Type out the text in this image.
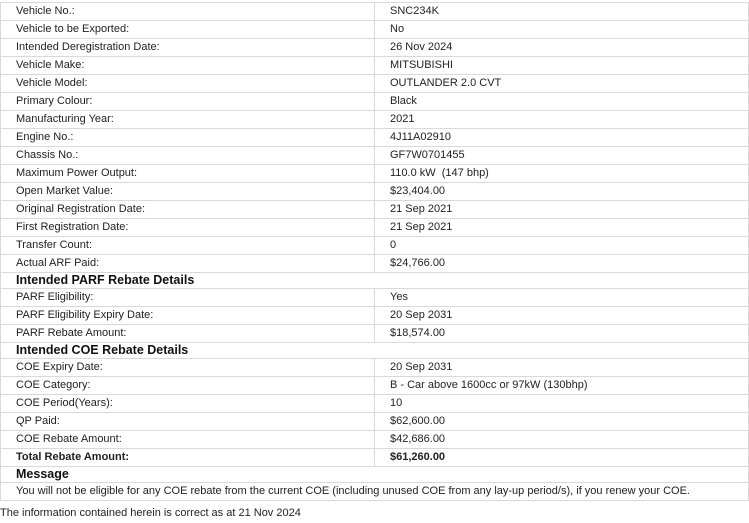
Vehicle No.:	SNC234K
Vehicle to be Exported:	No
Intended Deregistration Date:	26 Nov 2024
Vehicle Make:	MITSUBISHI
Vehicle Model:	OUTLANDER 2.0 CVT
Primary Colour:	Black
Manufacturing Year:	2021
Engine No.:	4J11A02910
Chassis No.:	GF7W0701455
Maximum Power Output:	110.0 kW  (147 bhp)
Open Market Value:	$23,404.00
Original Registration Date:	21 Sep 2021
First Registration Date:	21 Sep 2021
Transfer Count:	0
Actual ARF Paid:	$24,766.00
Intended PARF Rebate Details	
PARF Eligibility:	Yes
PARF Eligibility Expiry Date:	20 Sep 2031
PARF Rebate Amount:	$18,574.00
Intended COE Rebate Details	
COE Expiry Date:	20 Sep 2031
COE Category:	B - Car above 1600cc or 97kW (130bhp)
COE Period(Years):	10
QP Paid:	$62,600.00
COE Rebate Amount:	$42,686.00
Total Rebate Amount:	$61,260.00
Message	
You will not be eligible for any COE rebate from the current COE (including unused COE from any lay-up period/s), if you renew your COE.	
The information contained herein is correct as at 21 Nov 2024
